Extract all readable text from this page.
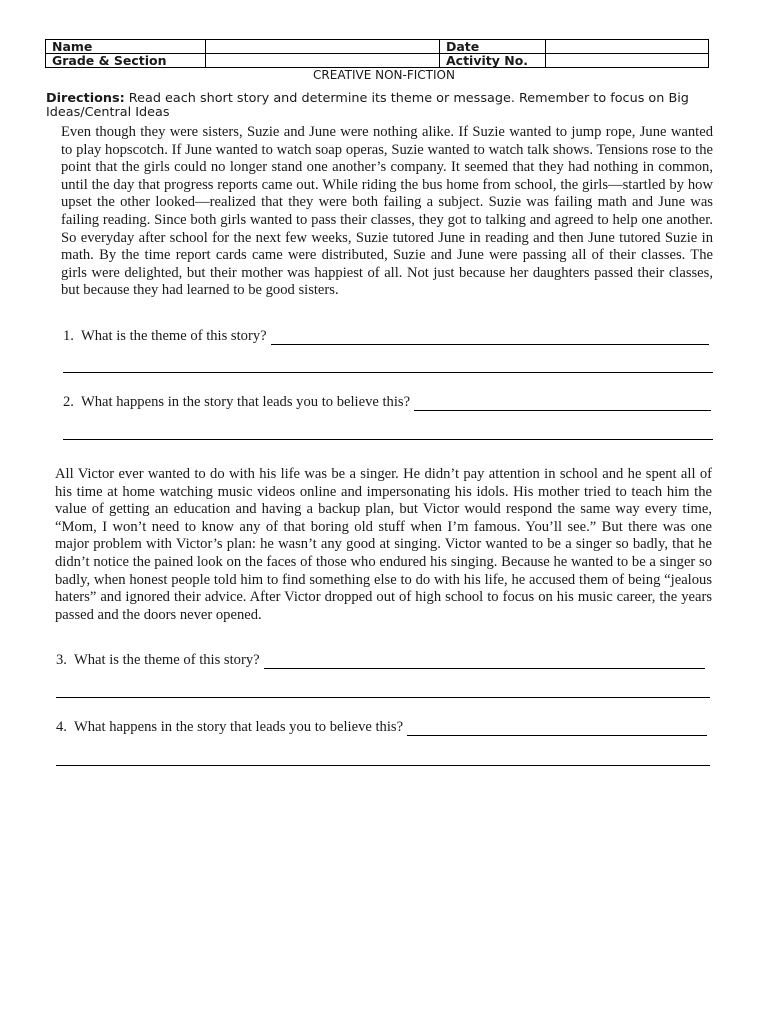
Name		Date	
Grade & Section		Activity No.	
CREATIVE NON-FICTION
Directions: Read each short story and determine its theme or message. Remember to focus on Big Ideas/Central Ideas
Even though they were sisters, Suzie and June were nothing alike. If Suzie wanted to jump rope, June wanted to play hopscotch. If June wanted to watch soap operas, Suzie wanted to watch talk shows. Tensions rose to the point that the girls could no longer stand one another’s company. It seemed that they had nothing in common, until the day that progress reports came out. While riding the bus home from school, the girls—startled by how upset the other looked—realized that they were both failing a subject. Suzie was failing math and June was failing reading. Since both girls wanted to pass their classes, they got to talking and agreed to help one another. So everyday after school for the next few weeks, Suzie tutored June in reading and then June tutored Suzie in math. By the time report cards came were distributed, Suzie and June were passing all of their classes. The girls were delighted, but their mother was happiest of all. Not just because her daughters passed their classes, but because they had learned to be good sisters.
1.  What is the theme of this story?
2.  What happens in the story that leads you to believe this?
All Victor ever wanted to do with his life was be a singer. He didn’t pay attention in school and he spent all of his time at home watching music videos online and impersonating his idols. His mother tried to teach him the value of getting an education and having a backup plan, but Victor would respond the same way every time, “Mom, I won’t need to know any of that boring old stuff when I’m famous. You’ll see.” But there was one major problem with Victor’s plan: he wasn’t any good at singing. Victor wanted to be a singer so badly, that he didn’t notice the pained look on the faces of those who endured his singing. Because he wanted to be a singer so badly, when honest people told him to find something else to do with his life, he accused them of being “jealous haters” and ignored their advice. After Victor dropped out of high school to focus on his music career, the years passed and the doors never opened.
3.  What is the theme of this story?
4.  What happens in the story that leads you to believe this?
